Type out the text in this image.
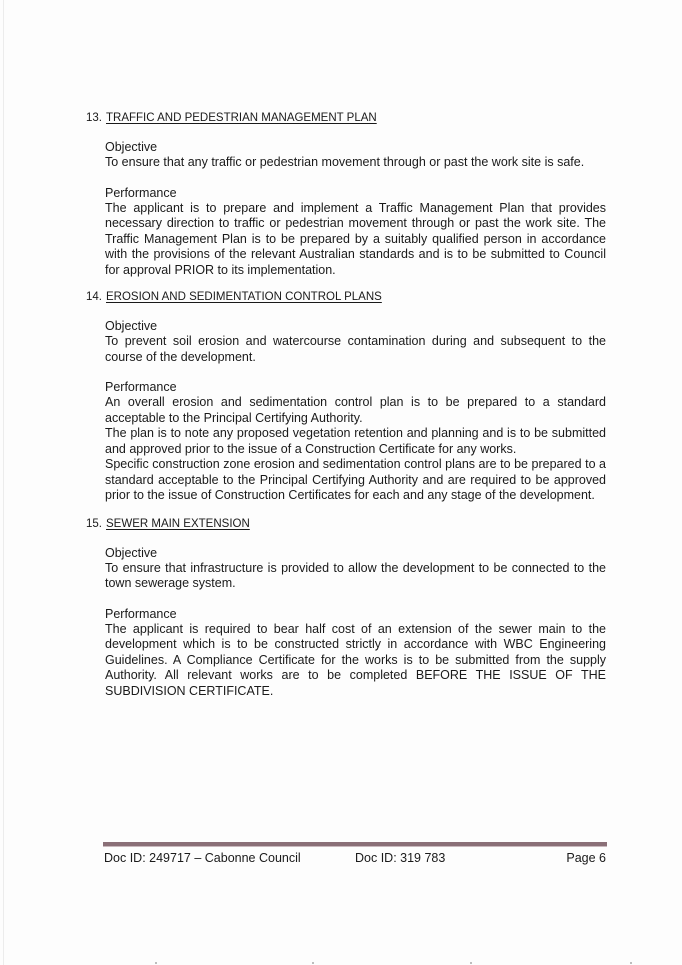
13. TRAFFIC AND PEDESTRIAN MANAGEMENT PLAN

Objective

To ensure that any traffic or pedestrian movement through or past the work site is safe.

Performance

The applicant is to prepare and implement a Traffic Management Plan that provides necessary direction to traffic or pedestrian movement through or past the work site. The Traffic Management Plan is to be prepared by a suitably qualified person in accordance with the provisions of the relevant Australian standards and is to be submitted to Council for approval PRIOR to its implementation.

14. EROSION AND SEDIMENTATION CONTROL PLANS

Objective

To prevent soil erosion and watercourse contamination during and subsequent to the course of the development.

Performance

An overall erosion and sedimentation control plan is to be prepared to a standard acceptable to the Principal Certifying Authority.

The plan is to note any proposed vegetation retention and planning and is to be submitted and approved prior to the issue of a Construction Certificate for any works.

Specific construction zone erosion and sedimentation control plans are to be prepared to a standard acceptable to the Principal Certifying Authority and are required to be approved prior to the issue of Construction Certificates for each and any stage of the development.

15. SEWER MAIN EXTENSION

Objective

To ensure that infrastructure is provided to allow the development to be connected to the town sewerage system.

Performance

The applicant is required to bear half cost of an extension of the sewer main to the development which is to be constructed strictly in accordance with WBC Engineering Guidelines. A Compliance Certificate for the works is to be submitted from the supply Authority. All relevant works are to be completed BEFORE THE ISSUE OF THE SUBDIVISION CERTIFICATE.

Doc ID: 249717 – Cabonne Council	Doc ID: 319 783	Page 6
